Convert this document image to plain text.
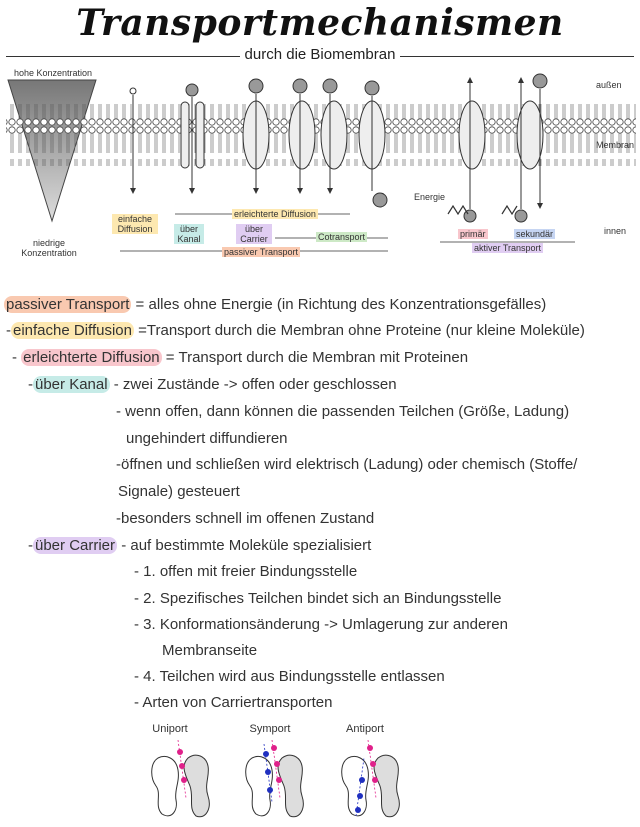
Transportmechanismen
durch die Biomembran
hohe Konzentration
niedrige
Konzentration
außen
Membran
innen
Energie
einfache
Diffusion	über
Kanal
über
Carrier
erleichterte Diffusion
Cotransport
passiver Transport
primär	sekundär
aktiver Transport
passiver Transport = alles ohne Energie (in Richtung des Konzentrationsgefälles)
- einfache Diffusion =Transport durch die Membran ohne Proteine (nur kleine Moleküle)
- erleichterte Diffusion = Transport durch die Membran mit Proteinen
- über Kanal - zwei Zustände -> offen oder geschlossen
- wenn offen, dann können die passenden Teilchen (Größe, Ladung)
ungehindert diffundieren
-öffnen und schließen wird elektrisch (Ladung) oder chemisch (Stoffe/
Signale) gesteuert
-besonders schnell im offenen Zustand
- über Carrier - auf bestimmte Moleküle spezialisiert
- 1. offen mit freier Bindungsstelle
- 2. Spezifisches Teilchen bindet sich an Bindungsstelle
- 3. Konformationsänderung -> Umlagerung zur anderen
Membranseite
- 4. Teilchen wird aus Bindungsstelle entlassen
- Arten von Carriertransporten
Uniport	Symport	Antiport
